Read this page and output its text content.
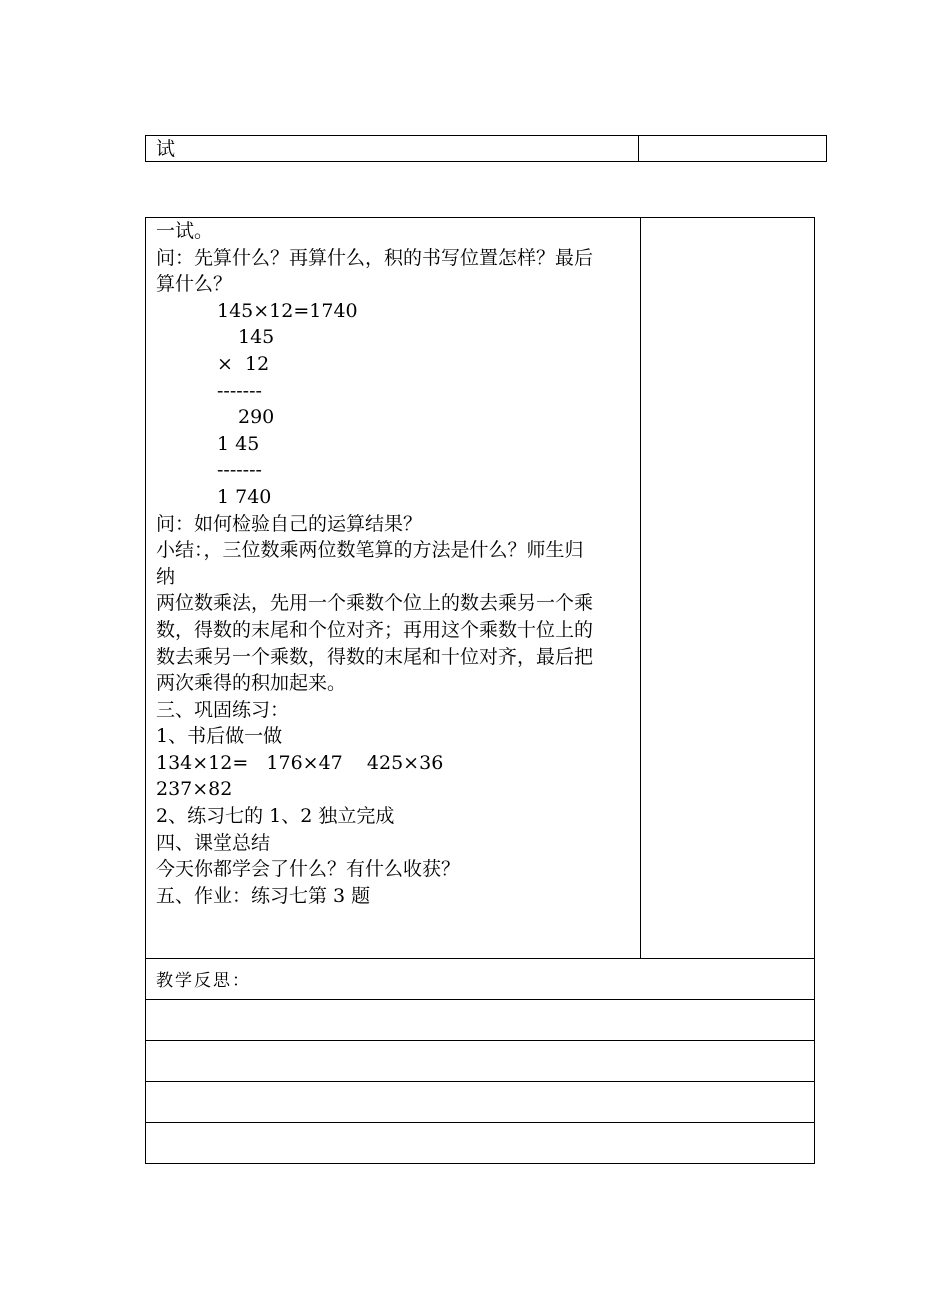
试
一试。
问：先算什么？再算什么，积的书写位置怎样？最后
算什么？
145×12=1740
145
×  12
-------
290
1 45
-------
1 740
问：如何检验自己的运算结果？
小结：，三位数乘两位数笔算的方法是什么？师生归
纳
两位数乘法，先用一个乘数个位上的数去乘另一个乘
数，得数的末尾和个位对齐；再用这个乘数十位上的
数去乘另一个乘数，得数的末尾和十位对齐，最后把
两次乘得的积加起来。
三、巩固练习：
1、书后做一做
134×12=   176×47    425×36
237×82
2、练习七的 1、2 独立完成
四、课堂总结
今天你都学会了什么？有什么收获？
五、作业：练习七第 3 题
教学反思：
